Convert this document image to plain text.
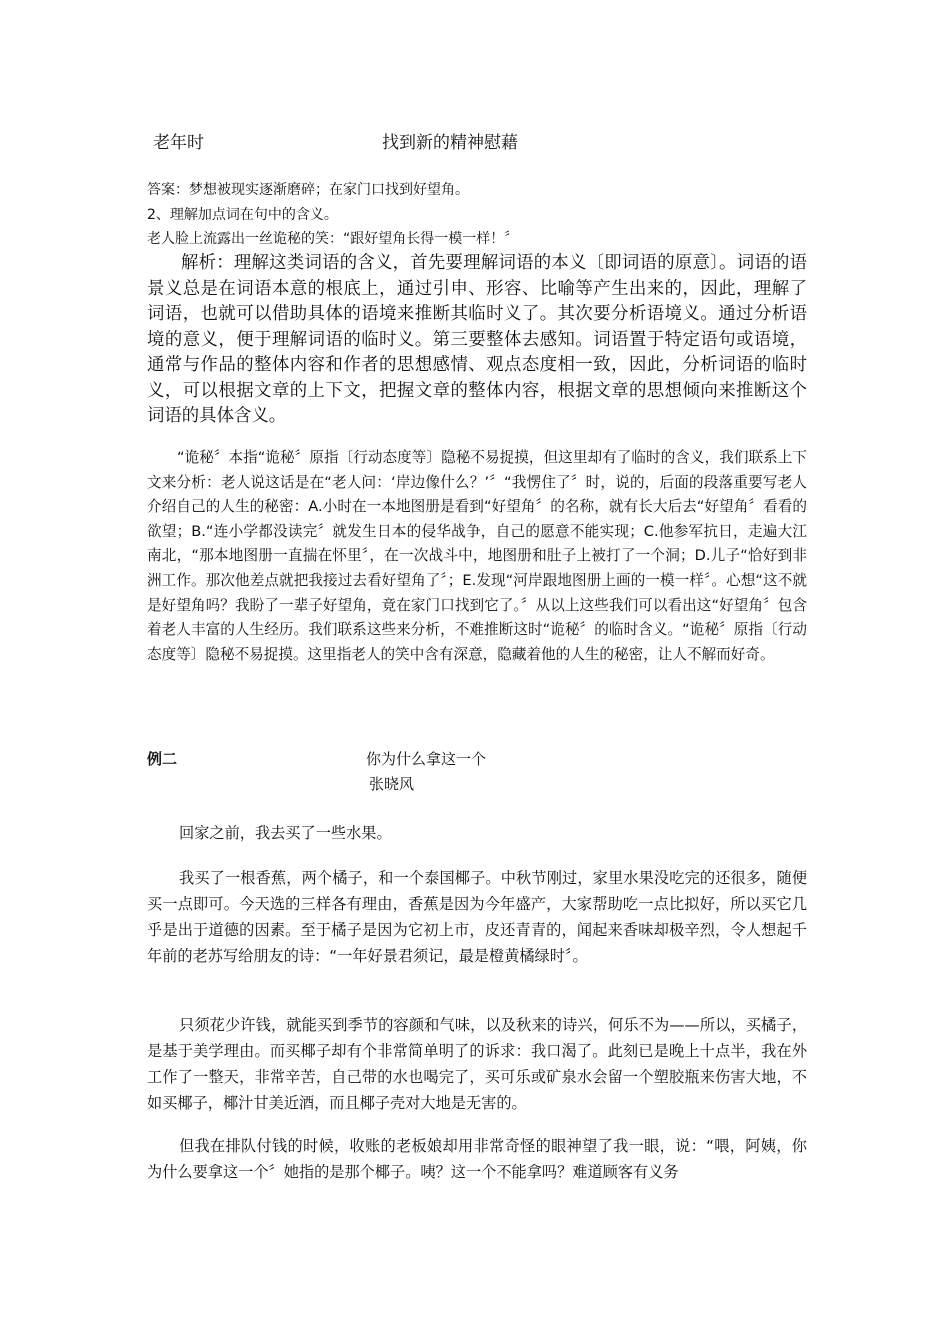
老年时	找到新的精神慰藉
答案：梦想被现实逐渐磨碎；在家门口找到好望角。
2、理解加点词在句中的含义。
老人脸上流露出一丝诡秘的笑：“跟好望角长得一模一样！〞

解析：理解这类词语的含义，首先要理解词语的本义〔即词语的原意〕。词语的语景义总是在词语本意的根底上，通过引申、形容、比喻等产生出来的，因此，理解了词语，也就可以借助具体的语境来推断其临时义了。其次要分析语境义。通过分析语境的意义，便于理解词语的临时义。第三要整体去感知。词语置于特定语句或语境，通常与作品的整体内容和作者的思想感情、观点态度相一致，因此，分析词语的临时义，可以根据文章的上下文，把握文章的整体内容，根据文章的思想倾向来推断这个词语的具体含义。

“诡秘〞本指“诡秘〞原指〔行动态度等〕隐秘不易捉摸，但这里却有了临时的含义，我们联系上下文来分析：老人说这话是在“老人问：‘岸边像什么？’〞“我愣住了〞时，说的，后面的段落重要写老人介绍自己的人生的秘密：A.小时在一本地图册是看到“好望角〞的名称，就有长大后去“好望角〞看看的欲望；B.“连小学都没读完〞就发生日本的侵华战争，自己的愿意不能实现；C.他参军抗日，走遍大江南北，“那本地图册一直揣在怀里〞，在一次战斗中，地图册和肚子上被打了一个洞；D.儿子“恰好到非洲工作。那次他差点就把我接过去看好望角了〞；E.发现“河岸跟地图册上画的一模一样〞。心想“这不就是好望角吗？我盼了一辈子好望角，竟在家门口找到它了。〞从以上这些我们可以看出这“好望角〞包含着老人丰富的人生经历。我们联系这些来分析，不难推断这时“诡秘〞的临时含义。“诡秘〞原指〔行动态度等〕隐秘不易捉摸。这里指老人的笑中含有深意，隐藏着他的人生的秘密，让人不解而好奇。

例二	你为什么拿这一个
张晓风

回家之前，我去买了一些水果。

我买了一根香蕉，两个橘子，和一个泰国椰子。中秋节刚过，家里水果没吃完的还很多，随便买一点即可。今天选的三样各有理由，香蕉是因为今年盛产，大家帮助吃一点比拟好，所以买它几乎是出于道德的因素。至于橘子是因为它初上市，皮还青青的，闻起来香味却极辛烈，令人想起千年前的老苏写给朋友的诗：“一年好景君须记，最是橙黄橘绿时〞。

只须花少许钱，就能买到季节的容颜和气味，以及秋来的诗兴，何乐不为——所以，买橘子，是基于美学理由。而买椰子却有个非常简单明了的诉求：我口渴了。此刻已是晚上十点半，我在外工作了一整天，非常辛苦，自己带的水也喝完了，买可乐或矿泉水会留一个塑胶瓶来伤害大地，不如买椰子，椰汁甘美近酒，而且椰子壳对大地是无害的。

但我在排队付钱的时候，收账的老板娘却用非常奇怪的眼神望了我一眼，说：“喂，阿姨，你为什么要拿这一个〞她指的是那个椰子。咦？这一个不能拿吗？难道顾客有义务
